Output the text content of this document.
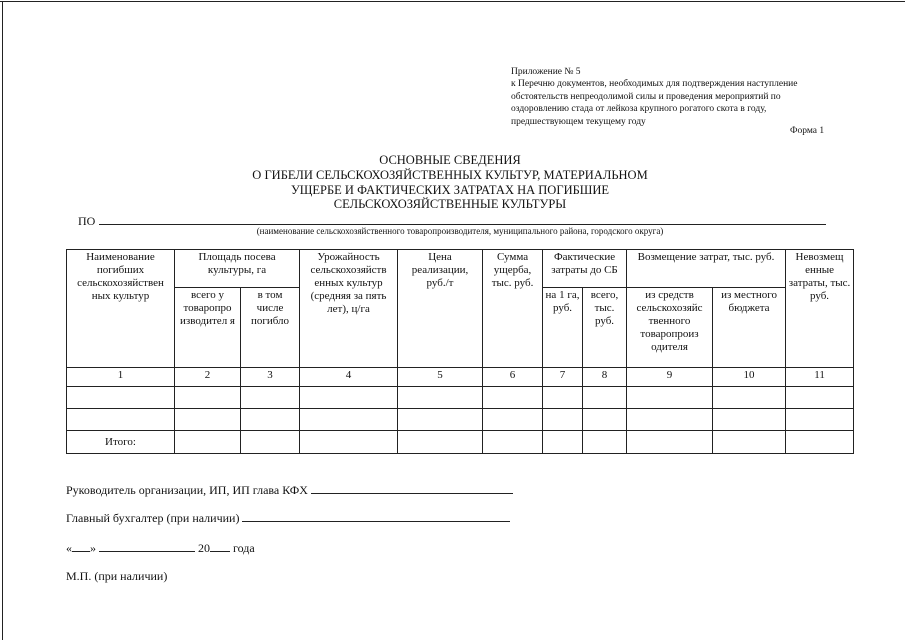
Приложение № 5
к Перечню документов, необходимых для подтверждения наступление
обстоятельств непреодолимой силы и проведения мероприятий по
оздоровлению стада от лейкоза крупного рогатого скота в году,
предшествующем текущему году
Форма 1
ОСНОВНЫЕ СВЕДЕНИЯ
О ГИБЕЛИ СЕЛЬСКОХОЗЯЙСТВЕННЫХ КУЛЬТУР, МАТЕРИАЛЬНОМ
УЩЕРБЕ И ФАКТИЧЕСКИХ ЗАТРАТАХ НА ПОГИБШИЕ
СЕЛЬСКОХОЗЯЙСТВЕННЫЕ КУЛЬТУРЫ
ПО
(наименование сельскохозяйственного товаропроизводителя, муниципального района, городского округа)
Наименование погибших сельскохозяйствен ных культур	Площадь посева культуры, га		Урожайность сельскохозяйств енных культур (средняя за пять лет), ц/га	Цена реализации, руб./т	Сумма ущерба, тыс. руб.	Фактические затраты до СБ		Возмещение затрат, тыс. руб.		Невозмещ енные затраты, тыс. руб.
	всего у товаропро изводител я	в том числе погибло				на 1 га, руб.	всего, тыс. руб.	из средств сельскохозяйс твенного товаропроиз одителя	из местного бюджета	
1	2	3	4	5	6	7	8	9	10	11

Итого:										
Руководитель организации, ИП, ИП глава КФХ
Главный бухгалтер (при наличии)
« »	20 года
М.П. (при наличии)
